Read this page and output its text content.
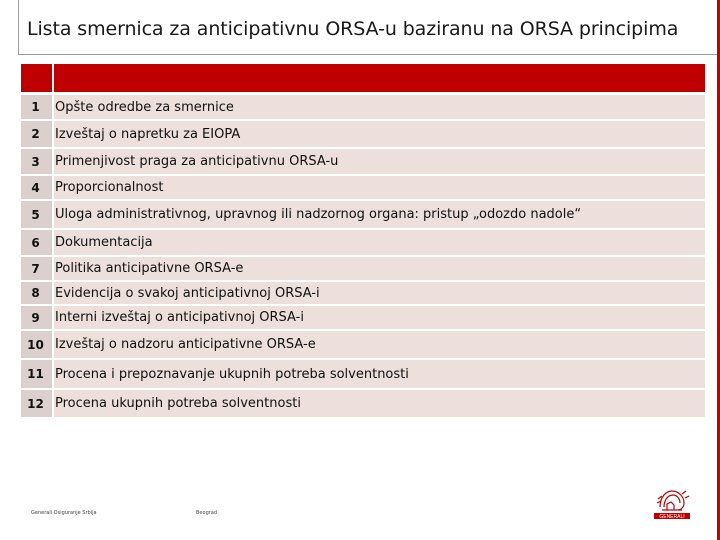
Lista smernica za anticipativnu ORSA-u baziranu na ORSA principima
1	Opšte odredbe za smernice
2	Izveštaj o napretku za EIOPA
3	Primenjivost praga za anticipativnu ORSA-u
4	Proporcionalnost
5	Uloga administrativnog, upravnog ili nadzornog organa: pristup „odozdo nadole“
6	Dokumentacija
7	Politika anticipativne ORSA-e
8	Evidencija o svakoj anticipativnoj ORSA-i
9	Interni izveštaj o anticipativnoj ORSA-i
10 Izveštaj o nadzoru anticipativne ORSA-e
11 Procena i prepoznavanje ukupnih potreba solventnosti
12 Procena ukupnih potreba solventnosti
Generali Osiguranje Srbija	Beograd
GENERALI
